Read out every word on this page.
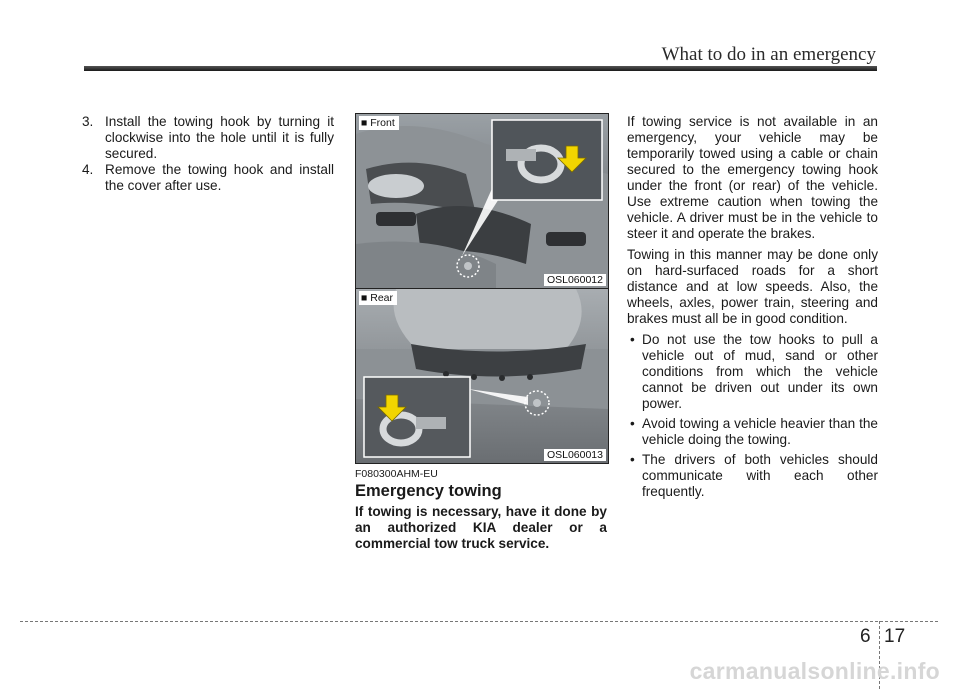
What to do in an emergency
3. Install the towing hook by turning it clockwise into the hole until it is fully secured.
4. Remove the towing hook and install the cover after use.
■ Front
OSL060012
■ Rear
OSL060013
F080300AHM-EU
Emergency towing
If towing is necessary, have it done by an authorized KIA dealer or a commercial tow truck service.

If towing service is not available in an emergency, your vehicle may be temporarily towed using a cable or chain secured to the emergency towing hook under the front (or rear) of the vehicle. Use extreme caution when towing the vehicle. A driver must be in the vehicle to steer it and operate the brakes.

Towing in this manner may be done only on hard-surfaced roads for a short distance and at low speeds. Also, the wheels, axles, power train, steering and brakes must all be in good condition.

• Do not use the tow hooks to pull a vehicle out of mud, sand or other conditions from which the vehicle cannot be driven out under its own power.
• Avoid towing a vehicle heavier than the vehicle doing the towing.
• The drivers of both vehicles should communicate with each other frequently.
6 17
carmanualsonline.info
